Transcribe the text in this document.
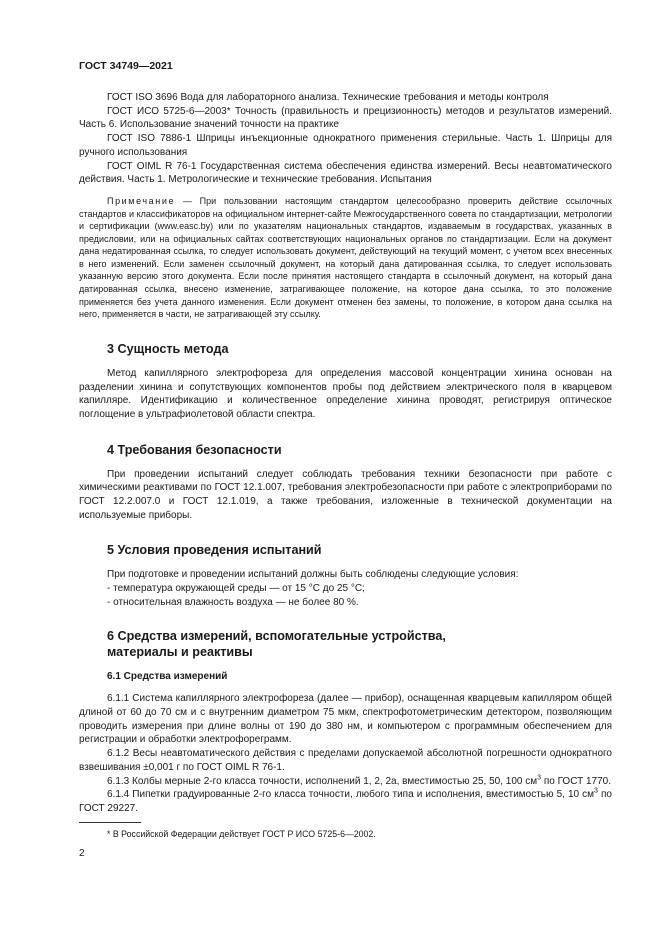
ГОСТ 34749—2021

ГОСТ ISO 3696 Вода для лабораторного анализа. Технические требования и методы контроля

ГОСТ ИСО 5725-6—2003* Точность (правильность и прецизионность) методов и результатов измерений. Часть 6. Использование значений точности на практике

ГОСТ ISO 7886-1 Шприцы инъекционные однократного применения стерильные. Часть 1. Шприцы для ручного использования

ГОСТ OIML R 76-1 Государственная система обеспечения единства измерений. Весы неавтоматического действия. Часть 1. Метрологические и технические требования. Испытания

Примечание — При пользовании настоящим стандартом целесообразно проверить действие ссылочных стандартов и классификаторов на официальном интернет-сайте Межгосударственного совета по стандартизации, метрологии и сертификации (www.easc.by) или по указателям национальных стандартов, издаваемым в государствах, указанных в предисловии, или на официальных сайтах соответствующих национальных органов по стандартизации. Если на документ дана недатированная ссылка, то следует использовать документ, действующий на текущий момент, с учетом всех внесенных в него изменений. Если заменен ссылочный документ, на который дана датированная ссылка, то следует использовать указанную версию этого документа. Если после принятия настоящего стандарта в ссылочный документ, на который дана датированная ссылка, внесено изменение, затрагивающее положение, на которое дана ссылка, то это положение применяется без учета данного изменения. Если документ отменен без замены, то положение, в котором дана ссылка на него, применяется в части, не затрагивающей эту ссылку.

3 Сущность метода

Метод капиллярного электрофореза для определения массовой концентрации хинина основан на разделении хинина и сопутствующих компонентов пробы под действием электрического поля в кварцевом капилляре. Идентификацию и количественное определение хинина проводят, регистрируя оптическое поглощение в ультрафиолетовой области спектра.

4 Требования безопасности

При проведении испытаний следует соблюдать требования техники безопасности при работе с химическими реактивами по ГОСТ 12.1.007, требования электробезопасности при работе с электроприборами по ГОСТ 12.2.007.0 и ГОСТ 12.1.019, а также требования, изложенные в технической документации на используемые приборы.

5 Условия проведения испытаний

При подготовке и проведении испытаний должны быть соблюдены следующие условия:

- температура окружающей среды — от 15 °С до 25 °С;

- относительная влажность воздуха — не более 80 %.

6 Средства измерений, вспомогательные устройства,
материалы и реактивы
6.1 Средства измерений

6.1.1 Система капиллярного электрофореза (далее — прибор), оснащенная кварцевым капилляром общей длиной от 60 до 70 см и с внутренним диаметром 75 мкм, спектрофотометрическим детектором, позволяющим проводить измерения при длине волны от 190 до 380 нм, и компьютером с программным обеспечением для регистрации и обработки электрофореграмм.

6.1.2 Весы неавтоматического действия с пределами допускаемой абсолютной погрешности однократного взвешивания ±0,001 г по ГОСТ OIML R 76-1.

6.1.3 Колбы мерные 2-го класса точности, исполнений 1, 2, 2а, вместимостью 25, 50, 100 $см^3$ по ГОСТ 1770.

6.1.4 Пипетки градуированные 2-го класса точности, любого типа и исполнения, вместимостью 5, 10 $см^3$ по ГОСТ 29227.

* В Российской Федерации действует ГОСТ Р ИСО 5725-6—2002.
2
